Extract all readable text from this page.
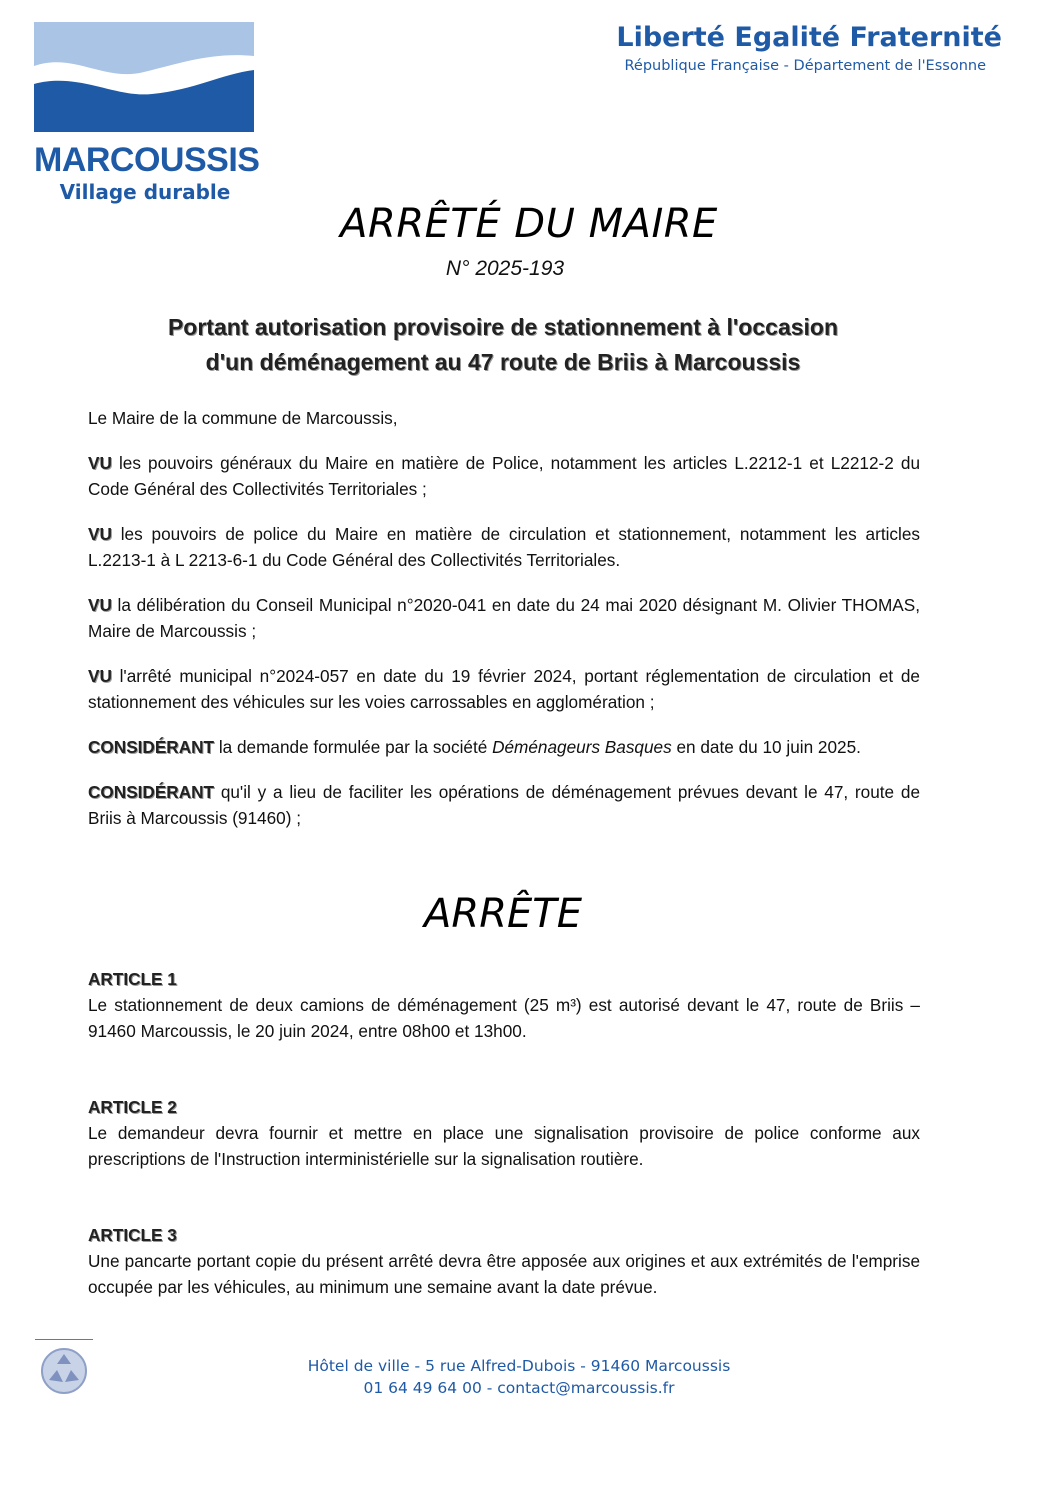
MARCOUSSIS
Village durable
Liberté Egalité Fraternité
République Française - Département de l'Essonne
ARRÊTÉ DU MAIRE
N° 2025-193
Portant autorisation provisoire de stationnement à l'occasion
d'un déménagement au 47 route de Briis à Marcoussis

Le Maire de la commune de Marcoussis,

VU les pouvoirs généraux du Maire en matière de Police, notamment les articles L.2212-1 et L2212-2 du Code Général des Collectivités Territoriales ;

VU les pouvoirs de police du Maire en matière de circulation et stationnement, notamment les articles L.2213-1 à L 2213-6-1 du Code Général des Collectivités Territoriales.

VU la délibération du Conseil Municipal n°2020-041 en date du 24 mai 2020 désignant M. Olivier THOMAS, Maire de Marcoussis ;

VU l'arrêté municipal n°2024-057 en date du 19 février 2024, portant réglementation de circulation et de stationnement des véhicules sur les voies carrossables en agglomération ;

CONSIDÉRANT la demande formulée par la société Déménageurs Basques en date du 10 juin 2025.

CONSIDÉRANT qu'il y a lieu de faciliter les opérations de déménagement prévues devant le 47, route de Briis à Marcoussis (91460) ;

ARRÊTE
ARTICLE 1

Le stationnement de deux camions de déménagement (25 m³) est autorisé devant le 47, route de Briis – 91460 Marcoussis, le 20 juin 2024, entre 08h00 et 13h00.

ARTICLE 2

Le demandeur devra fournir et mettre en place une signalisation provisoire de police conforme aux prescriptions de l'Instruction interministérielle sur la signalisation routière.

ARTICLE 3

Une pancarte portant copie du présent arrêté devra être apposée aux origines et aux extrémités de l'emprise occupée par les véhicules, au minimum une semaine avant la date prévue.

Hôtel de ville - 5 rue Alfred-Dubois - 91460 Marcoussis
01 64 49 64 00 - contact@marcoussis.fr
